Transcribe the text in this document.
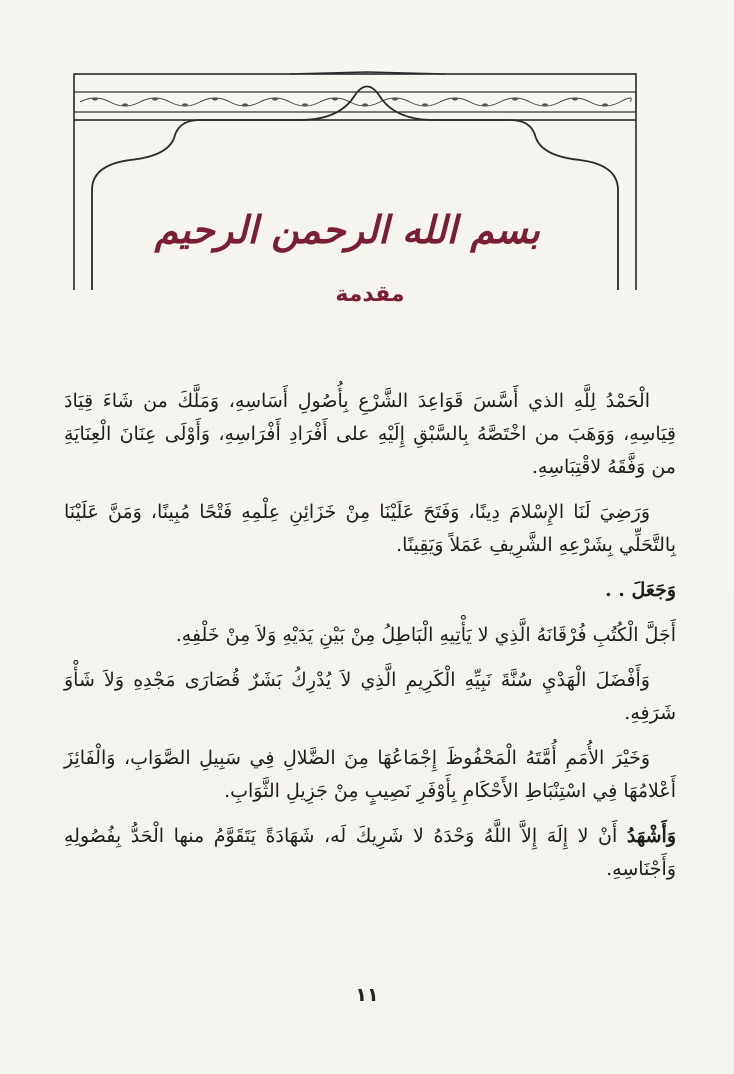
بسم الله الرحمن الرحيم
مقدمة

الْحَمْدُ لِلَّهِ الذي أَسَّسَ قَوَاعِدَ الشَّرْعِ بِأُصُولِ أَسَاسِهِ، وَمَلَّكَ من شَاءَ قِيَادَ قِيَاسِهِ، وَوَهَبَ من اخْتَصَّهُ بِالسَّبْقِ إِلَيْهِ على أَفْرَادِ أَفْرَاسِهِ، وَأَوْلَى عِنَانَ الْعِنَايَةِ من وَفَّقَهُ لاقْتِبَاسِهِ.

وَرَضِيَ لَنَا الإِسْلامَ دِينًا، وَفَتَحَ عَلَيْنَا مِنْ خَزَائِنِ عِلْمِهِ فَتْحًا مُبِينًا، وَمَنَّ عَلَيْنَا بِالتَّحَلِّي بِشَرْعِهِ الشَّرِيفِ عَمَلاً وَيَقِينًا.

وَجَعَلَ . .

أَجَلَّ الْكُتُبِ فُرْقَانَهُ الَّذِي لا يَأْتِيهِ الْبَاطِلُ مِنْ بَيْنِ يَدَيْهِ وَلاَ مِنْ خَلْفِهِ.

وَأَفْضَلَ الْهَدْيِ سُنَّةَ نَبِيِّهِ الْكَرِيمِ الَّذِي لاَ يُدْرِكُ بَشَرٌ قُصَارَى مَجْدِهِ وَلاَ شَأْوَ شَرَفِهِ.

وَخَيْرَ الأُمَمِ أُمَّتَهُ الْمَحْفُوظَ إِجْمَاعُهَا مِنَ الضَّلالِ فِي سَبِيلِ الصَّوَابِ، وَالْفَائِزَ أَعْلامُهَا فِي اسْتِنْبَاطِ الأَحْكَامِ بِأَوْفَرِ نَصِيبٍ مِنْ جَزِيلِ الثَّوَابِ.

وَأَشْهَدُ أَنْ لا إِلَهَ إِلاَّ اللَّهُ وَحْدَهُ لا شَرِيكَ لَه، شَهَادَةً يَتَقَوَّمُ منها الْحَدُّ بِفُصُولِهِ وَأَجْنَاسِهِ.

١١
